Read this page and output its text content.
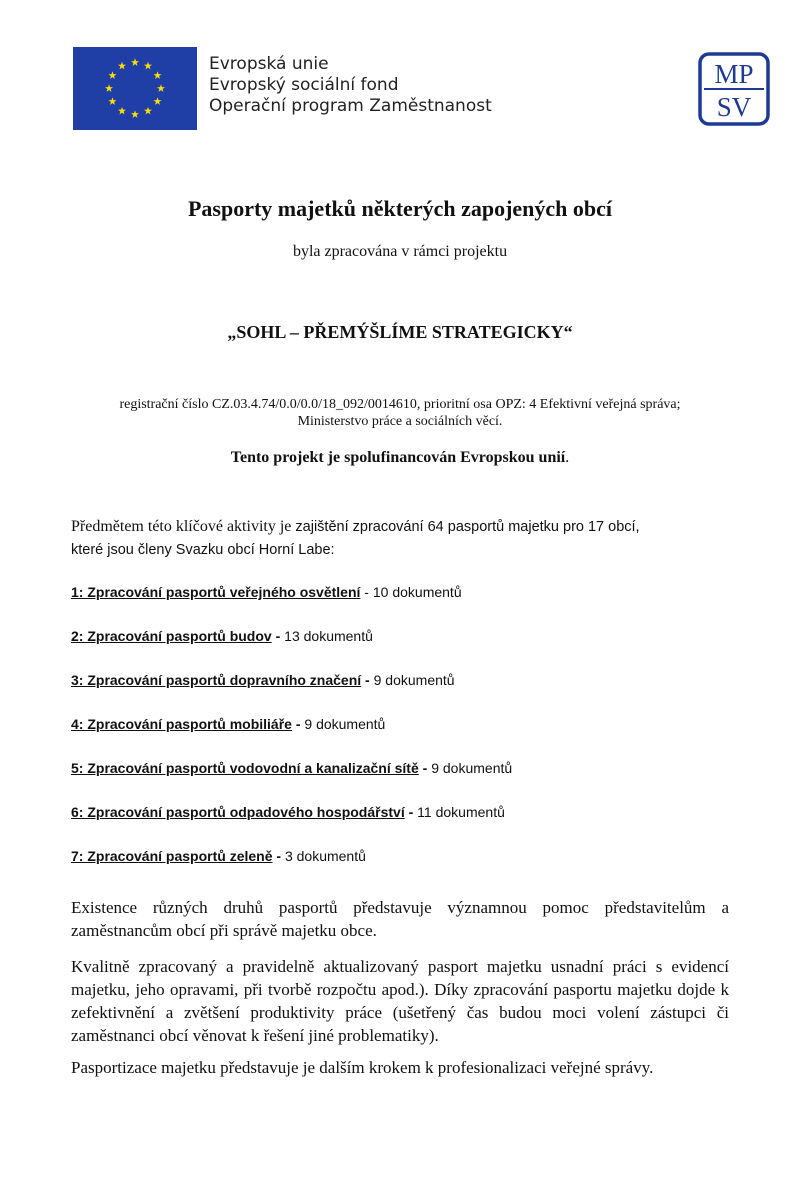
Evropská unie
Evropský sociální fond
Operační program Zaměstnanost
MP
SV
Pasporty majetků některých zapojených obcí
byla zpracována v rámci projektu
„SOHL – PŘEMÝŠLÍME STRATEGICKY“
registrační číslo CZ.03.4.74/0.0/0.0/18_092/0014610, prioritní osa OPZ: 4 Efektivní veřejná správa;
Ministerstvo práce a sociálních věcí.
Tento projekt je spolufinancován Evropskou unií.
Předmětem této klíčové aktivity je zajištění zpracování 64 pasportů majetku pro 17 obcí,
které jsou členy Svazku obcí Horní Labe:
1: Zpracování pasportů veřejného osvětlení - 10 dokumentů
2: Zpracování pasportů budov - 13 dokumentů
3: Zpracování pasportů dopravního značení - 9 dokumentů
4: Zpracování pasportů mobiliáře - 9 dokumentů
5: Zpracování pasportů vodovodní a kanalizační sítě - 9 dokumentů
6: Zpracování pasportů odpadového hospodářství - 11 dokumentů
7: Zpracování pasportů zeleně - 3 dokumentů
Existence různých druhů pasportů představuje významnou pomoc představitelům a zaměstnancům obcí při správě majetku obce.
Kvalitně zpracovaný a pravidelně aktualizovaný pasport majetku usnadní práci s evidencí majetku, jeho opravami, při tvorbě rozpočtu apod.). Díky zpracování pasportu majetku dojde k zefektivnění a zvětšení produktivity práce (ušetřený čas budou moci volení zástupci či zaměstnanci obcí věnovat k řešení jiné problematiky).
Pasportizace majetku představuje je dalším krokem k profesionalizaci veřejné správy.
